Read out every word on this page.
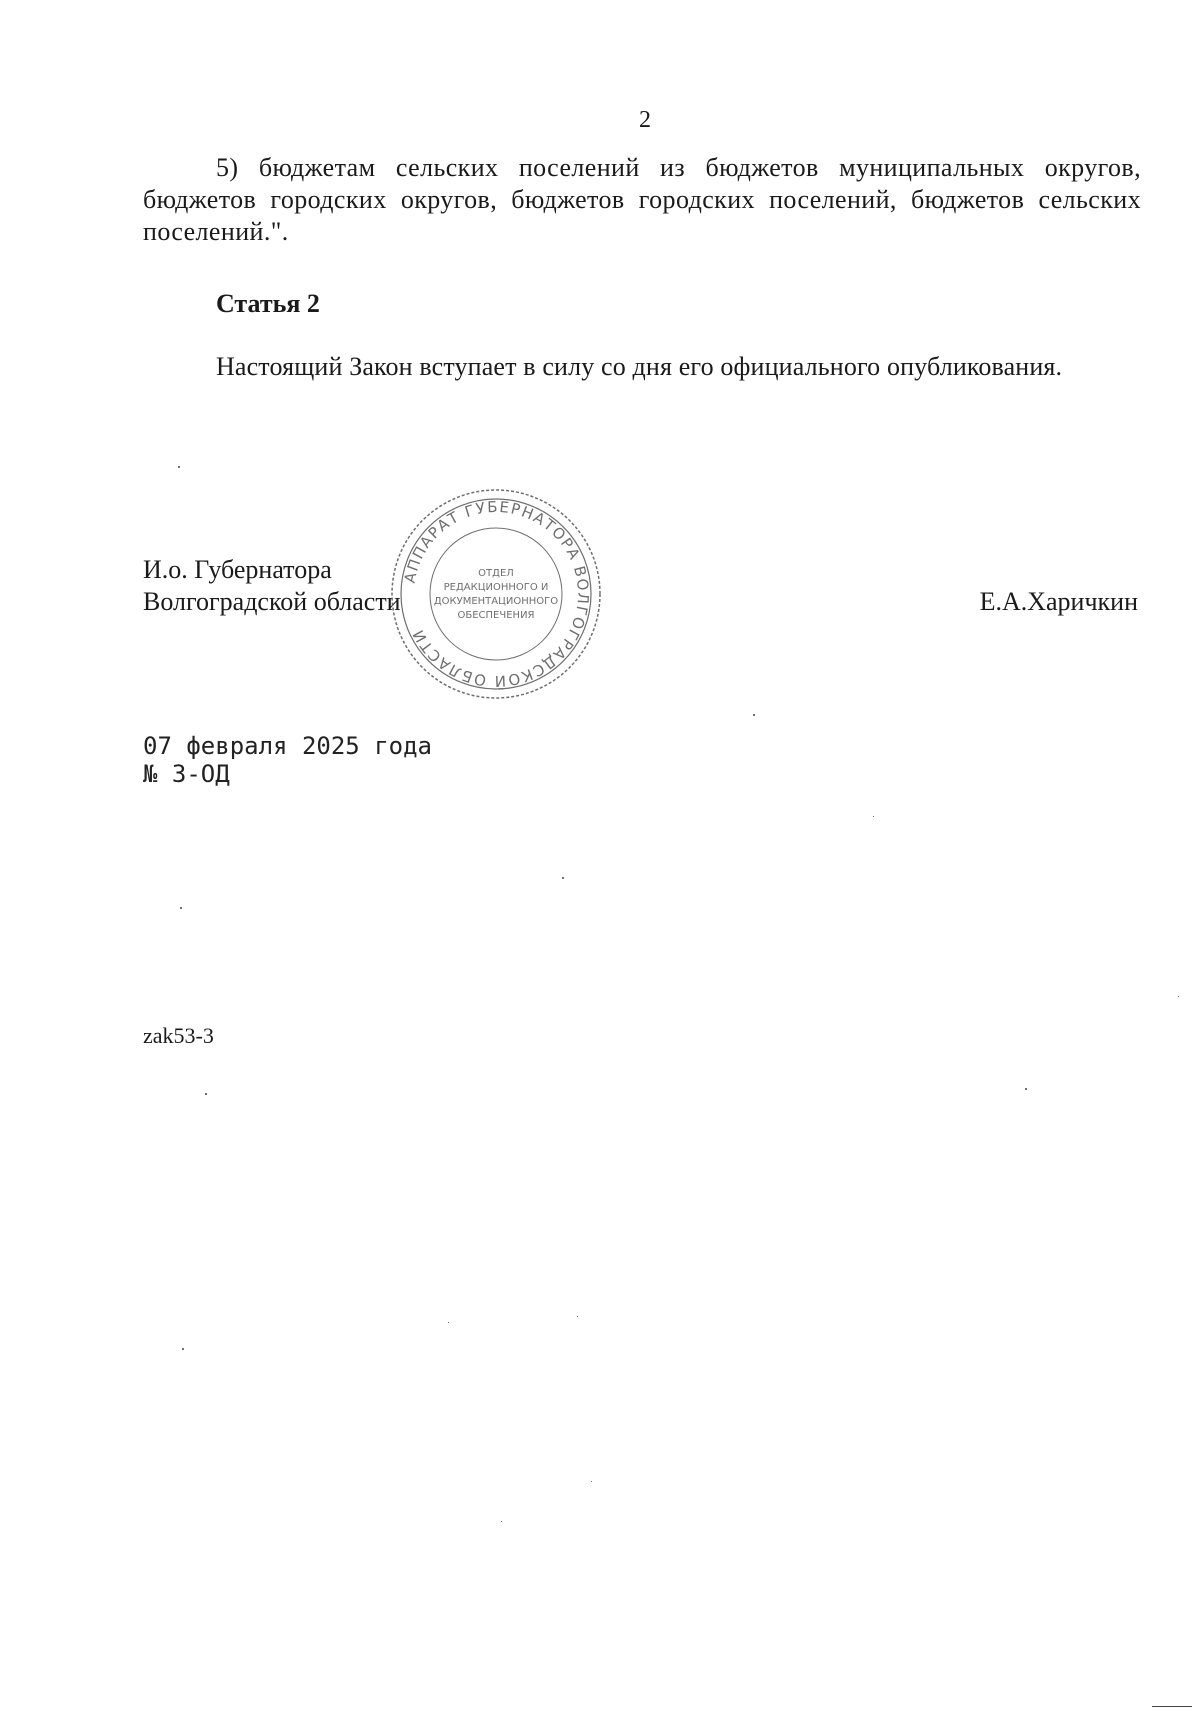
2

5) бюджетам сельских поселений из бюджетов муниципальных округов, бюджетов городских округов, бюджетов городских поселений, бюджетов сельских поселений.".

Статья 2

Настоящий Закон вступает в силу со дня его официального опубликования.

И.о. Губернатора
Волгоградской области	Е.А.Харичкин
АППАРАТ ГУБЕРНАТОРА ВОЛГОГРАДСКОЙ ОБЛАСТИ
ОТДЕЛ
РЕДАКЦИОННОГО И
ДОКУМЕНТАЦИОННОГО
ОБЕСПЕЧЕНИЯ
07 февраля 2025 года
№ 3-ОД
zak53-3
